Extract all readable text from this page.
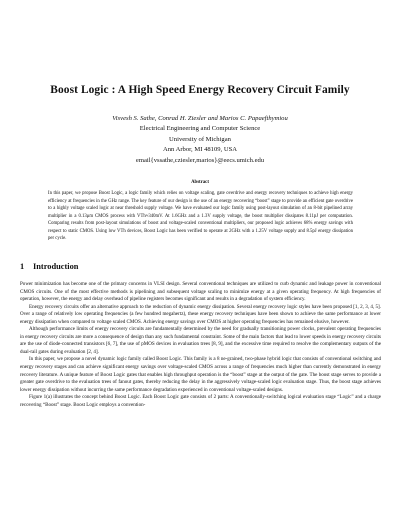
Boost Logic : A High Speed Energy Recovery Circuit Family
Visvesh S. Sathe, Conrad H. Ziesler and Marios C. Papaefthymiou
Electrical Engineering and Computer Science
University of Michigan
Ann Arbor, MI 48109, USA
email{vssathe,cziesler,marios}@eecs.umich.edu
Abstract
In this paper, we propose Boost Logic, a logic family which relies on voltage scaling, gate overdrive and energy recovery techniques to achieve high energy efficiency at frequencies in the GHz range. The key feature of our design is the use of an energy recovering “boost” stage to provide an efficient gate overdrive to a highly voltage scaled logic at near threshold supply voltage. We have evaluated our logic family using post-layout simulation of an 8-bit pipelined array multiplier in a 0.13μm CMOS process with VTh≈340mV. At 1.6GHz and a 1.3V supply voltage, the boost multiplier dissipates 8.11pJ per computation. Comparing results from post-layout simulations of boost and voltage-scaled conventional multipliers, our proposed logic achieves 68% energy savings with respect to static CMOS. Using low VTh devices, Boost Logic has been verified to operate at 2GHz with a 1.25V voltage supply and 8.5pJ energy dissipation per cycle.
1 Introduction

Power minimization has become one of the primary concerns in VLSI design. Several conventional techniques are utilized to curb dynamic and leakage power in conventional CMOS circuits. One of the most effective methods is pipelining and subsequent voltage scaling to minimize energy at a given operating frequency. At high frequencies of operation, however, the energy and delay overhead of pipeline registers becomes significant and results in a degradation of system efficiency.

Energy recovery circuits offer an alternative approach to the reduction of dynamic energy dissipation. Several energy recovery logic styles have been proposed [1, 2, 3, 4, 5]. Over a range of relatively low operating frequencies (a few hundred megahertz), these energy recovery techniques have been shown to achieve the same performance at lower energy dissipation when compared to voltage scaled CMOS. Achieving energy savings over CMOS at higher operating frequencies has remained elusive, however.

Although performance limits of energy recovery circuits are fundamentally determined by the need for gradually transitioning power clocks, prevalent operating frequencies in energy recovery circuits are more a consequence of design than any such fundamental constraint. Some of the main factors that lead to lower speeds in energy recovery circuits are the use of diode-connected transistors [6, 7], the use of pMOS devices in evaluation trees [8, 9], and the excessive time required to resolve the complementary outputs of the dual-rail gates during evaluation [2, 4].

In this paper, we propose a novel dynamic logic family called Boost Logic. This family is a 8 ne-grained, two-phase hybrid logic that consists of conventional switching and energy recovery stages and can achieve significant energy savings over voltage-scaled CMOS across a range of frequencies much higher than currently demonstrated in energy recovery literature. A unique feature of Boost Logic gates that enables high throughput operation is the “boost” stage at the output of the gate. The boost stage serves to provide a greater gate overdrive to the evaluation trees of fanout gates, thereby reducing the delay in the aggressively voltage-scaled logic evaluation stage. Thus, the boost stage achieves lower energy dissipation without incurring the same performance degradation experienced in conventional voltage-scaled designs.

Figure 1(a) illustrates the concept behind Boost Logic. Each Boost Logic gate consists of 2 parts: A conventionally-switching logical evaluation stage “Logic” and a charge recovering “Boost” stage. Boost Logic employs a convention-
